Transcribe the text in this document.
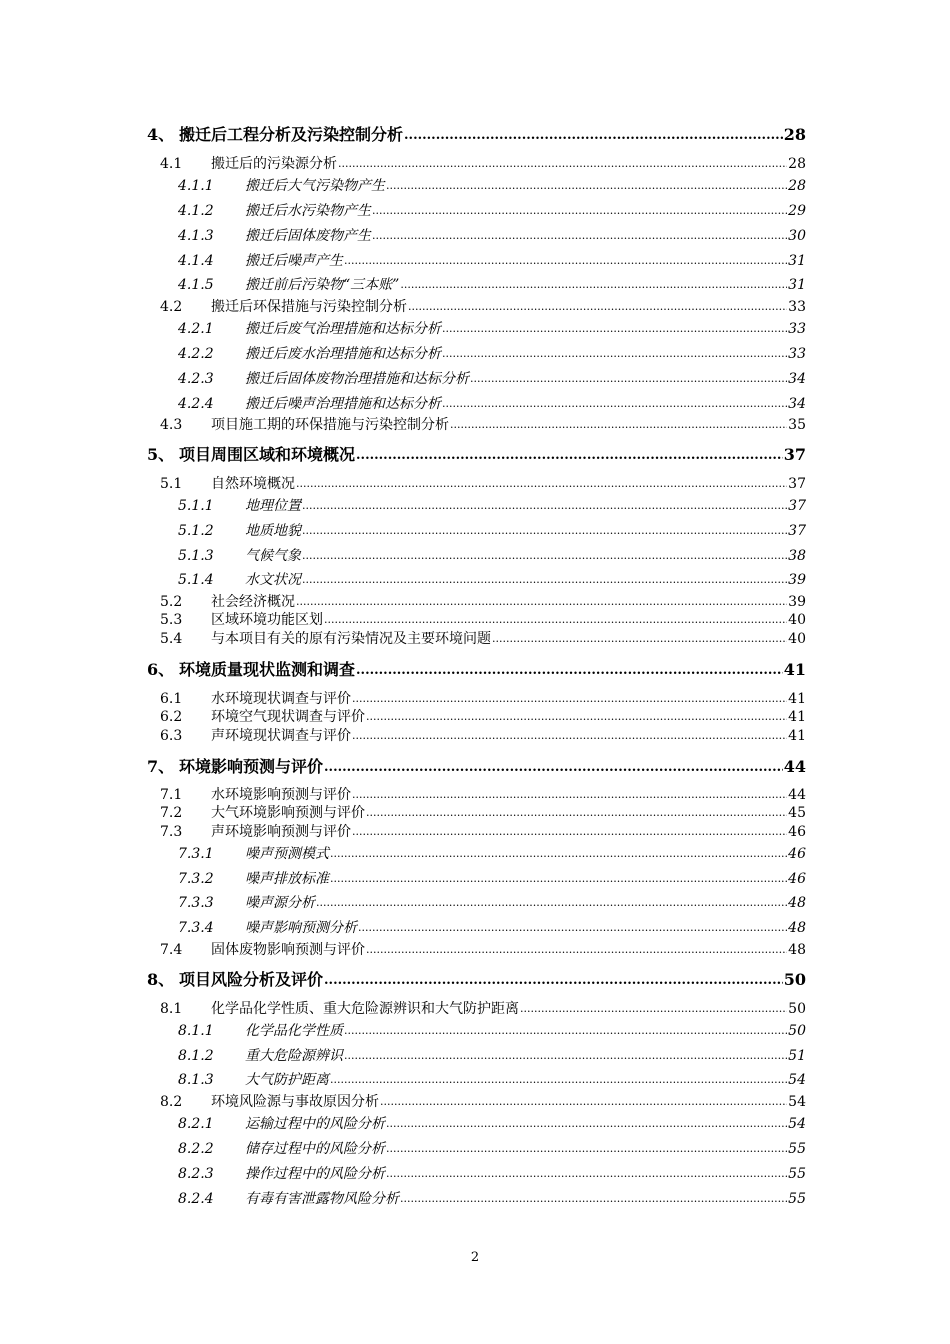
4、 搬迁后工程分析及污染控制分析 .....	28
4.1	搬迁后的污染源分析 .....	28
4.1.1	搬迁后大气污染物产生 .....	28
4.1.2	搬迁后水污染物产生 .....	29
4.1.3	搬迁后固体废物产生 .....	30
4.1.4	搬迁后噪声产生 .....	31
4.1.5	搬迁前后污染物“三本账” .....	31
4.2	搬迁后环保措施与污染控制分析 .....	33
4.2.1	搬迁后废气治理措施和达标分析 .....	33
4.2.2	搬迁后废水治理措施和达标分析 .....	33
4.2.3	搬迁后固体废物治理措施和达标分析 .....	34
4.2.4	搬迁后噪声治理措施和达标分析 .....	34
4.3	项目施工期的环保措施与污染控制分析 .....	35
5、 项目周围区域和环境概况 .....	37
5.1	自然环境概况 .....	37
5.1.1	地理位置 .....	37
5.1.2	地质地貌 .....	37
5.1.3	气候气象 .....	38
5.1.4	水文状况 .....	39
5.2	社会经济概况 .....	39
5.3	区域环境功能区划 .....	40
5.4	与本项目有关的原有污染情况及主要环境问题 .....	40
6、 环境质量现状监测和调查 .....	41
6.1	水环境现状调查与评价 .....	41
6.2	环境空气现状调查与评价 .....	41
6.3	声环境现状调查与评价 .....	41
7、 环境影响预测与评价 .....	44
7.1	水环境影响预测与评价 .....	44
7.2	大气环境影响预测与评价 .....	45
7.3	声环境影响预测与评价 .....	46
7.3.1	噪声预测模式 .....	46
7.3.2	噪声排放标准 .....	46
7.3.3	噪声源分析 .....	48
7.3.4	噪声影响预测分析 .....	48
7.4	固体废物影响预测与评价 .....	48
8、 项目风险分析及评价 .....	50
8.1	化学品化学性质、重大危险源辨识和大气防护距离 .....	50
8.1.1	化学品化学性质 .....	50
8.1.2	重大危险源辨识 .....	51
8.1.3	大气防护距离 .....	54
8.2	环境风险源与事故原因分析 .....	54
8.2.1	运输过程中的风险分析 .....	54
8.2.2	储存过程中的风险分析 .....	55
8.2.3	操作过程中的风险分析 .....	55
8.2.4	有毒有害泄露物风险分析 .....	55
2
